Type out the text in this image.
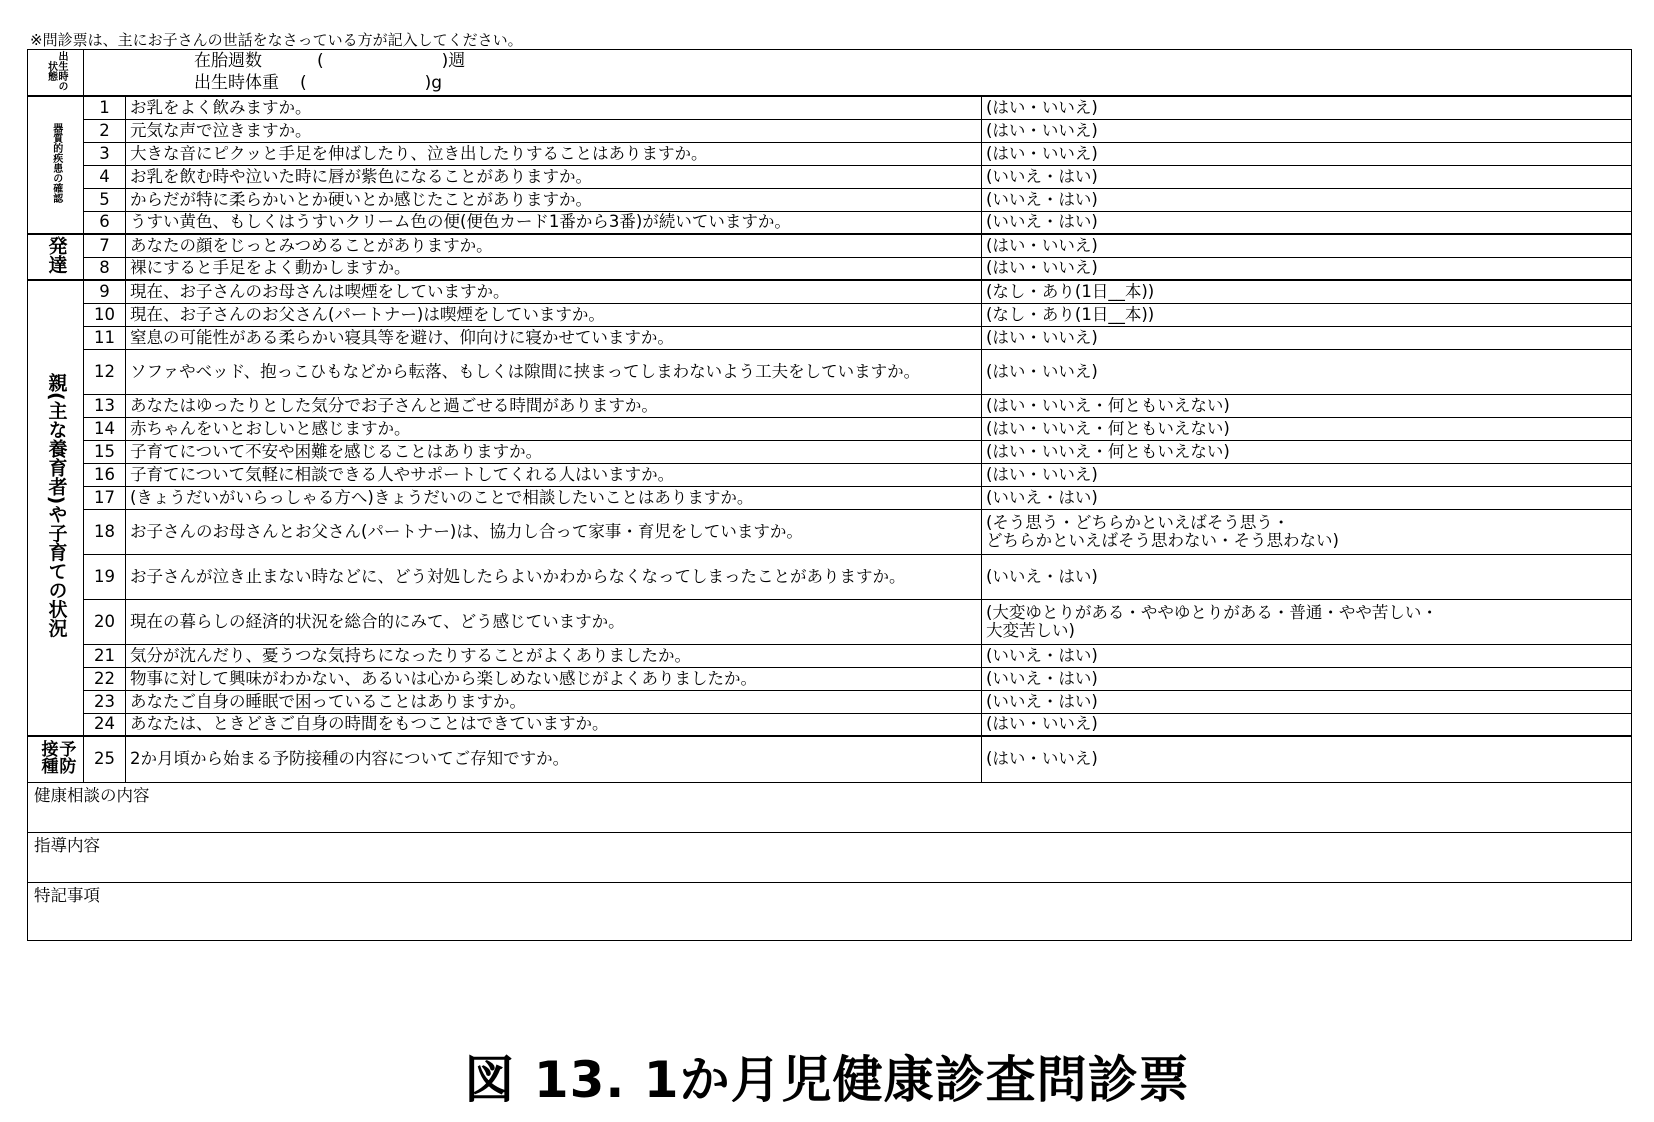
※問診票は、主にお子さんの世話をなさっている方が記入してください。
出生時の状態	在胎週数 ( )週
出生時体重 ( )g		

器質的疾患の確認	1	お乳をよく飲みますか。	(はい・いいえ)
	2	元気な声で泣きますか。	(はい・いいえ)
	3	大きな音にピクッと手足を伸ばしたり、泣き出したりすることはありますか。	(はい・いいえ)
	4	お乳を飲む時や泣いた時に唇が紫色になることがありますか。	(いいえ・はい)
	5	からだが特に柔らかいとか硬いとか感じたことがありますか。	(いいえ・はい)
	6	うすい黄色、もしくはうすいクリーム色の便(便色カード1番から3番)が続いていますか。	(いいえ・はい)
発達	7	あなたの顔をじっとみつめることがありますか。	(はい・いいえ)
	8	裸にすると手足をよく動かしますか。	(はい・いいえ)
親(主な養育者)や子育ての状況	9	現在、お子さんのお母さんは喫煙をしていますか。	(なし・あり(1日__本))
	10	現在、お子さんのお父さん(パートナー)は喫煙をしていますか。	(なし・あり(1日__本))
	11	窒息の可能性がある柔らかい寝具等を避け、仰向けに寝かせていますか。	(はい・いいえ)
	12	ソファやベッド、抱っこひもなどから転落、もしくは隙間に挟まってしまわないよう工夫をしていますか。	(はい・いいえ)
	13	あなたはゆったりとした気分でお子さんと過ごせる時間がありますか。	(はい・いいえ・何ともいえない)
	14	赤ちゃんをいとおしいと感じますか。	(はい・いいえ・何ともいえない)
	15	子育てについて不安や困難を感じることはありますか。	(はい・いいえ・何ともいえない)
	16	子育てについて気軽に相談できる人やサポートしてくれる人はいますか。	(はい・いいえ)
	17	(きょうだいがいらっしゃる方へ)きょうだいのことで相談したいことはありますか。	(いいえ・はい)
	18	お子さんのお母さんとお父さん(パートナー)は、協力し合って家事・育児をしていますか。	(そう思う・どちらかといえばそう思う・
どちらかといえばそう思わない・そう思わない)

	19	お子さんが泣き止まない時などに、どう対処したらよいかわからなくなってしまったことがありますか。	(いいえ・はい)
	20	現在の暮らしの経済的状況を総合的にみて、どう感じていますか。	(大変ゆとりがある・ややゆとりがある・普通・やや苦しい・
大変苦しい)

	21	気分が沈んだり、憂うつな気持ちになったりすることがよくありましたか。	(いいえ・はい)
	22	物事に対して興味がわかない、あるいは心から楽しめない感じがよくありましたか。	(いいえ・はい)
	23	あなたご自身の睡眠で困っていることはありますか。	(いいえ・はい)
	24	あなたは、ときどきご自身の時間をもつことはできていますか。	(はい・いいえ)
予防接種	25	2か月頃から始まる予防接種の内容についてご存知ですか。	(はい・いいえ)
健康相談の内容			
指導内容			
特記事項			
図 13. 1か月児健康診査問診票
